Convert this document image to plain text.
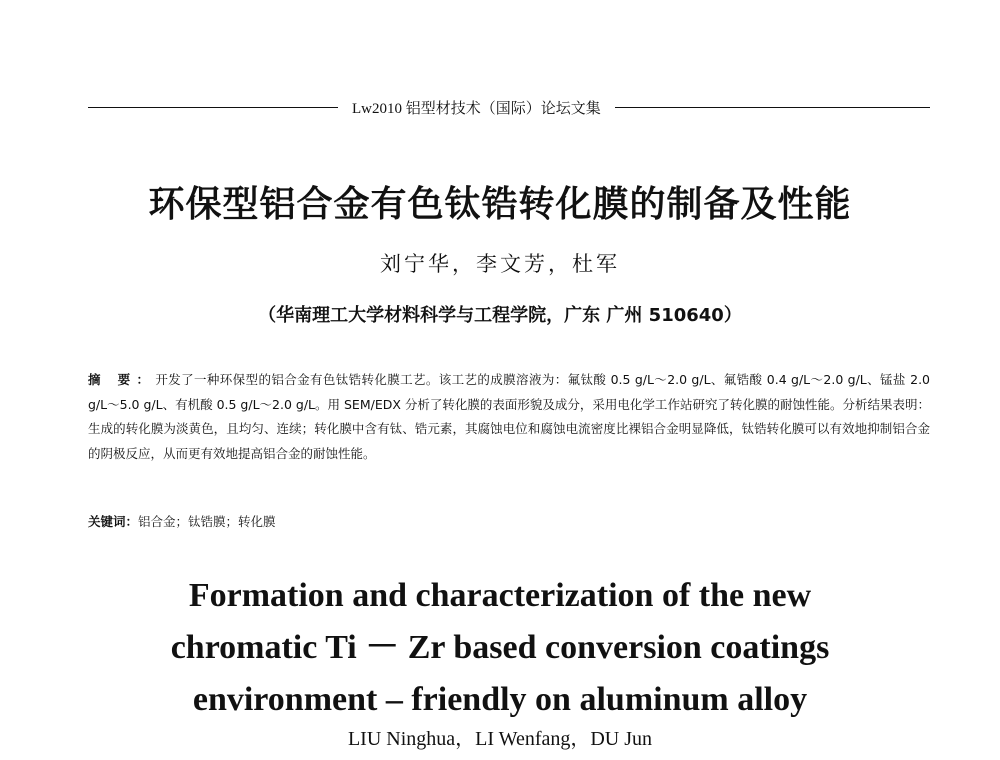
Lw2010 铝型材技术（国际）论坛文集
环保型铝合金有色钛锆转化膜的制备及性能
刘宁华，李文芳，杜军
（华南理工大学材料科学与工程学院，广东 广州 510640）
摘 要：开发了一种环保型的铝合金有色钛锆转化膜工艺。该工艺的成膜溶液为：氟钛酸 0.5 g/L～2.0 g/L、氟锆酸 0.4 g/L～2.0 g/L、锰盐 2.0 g/L～5.0 g/L、有机酸 0.5 g/L～2.0 g/L。用 SEM/EDX 分析了转化膜的表面形貌及成分，采用电化学工作站研究了转化膜的耐蚀性能。分析结果表明：生成的转化膜为淡黄色，且均匀、连续；转化膜中含有钛、锆元素，其腐蚀电位和腐蚀电流密度比裸铝合金明显降低，钛锆转化膜可以有效地抑制铝合金的阴极反应，从而更有效地提高铝合金的耐蚀性能。
关键词：铝合金；钛锆膜；转化膜
Formation and characterization of the new
chromatic Ti － Zr based conversion coatings
environment – friendly on aluminum alloy
LIU Ninghua，LI Wenfang，DU Jun
